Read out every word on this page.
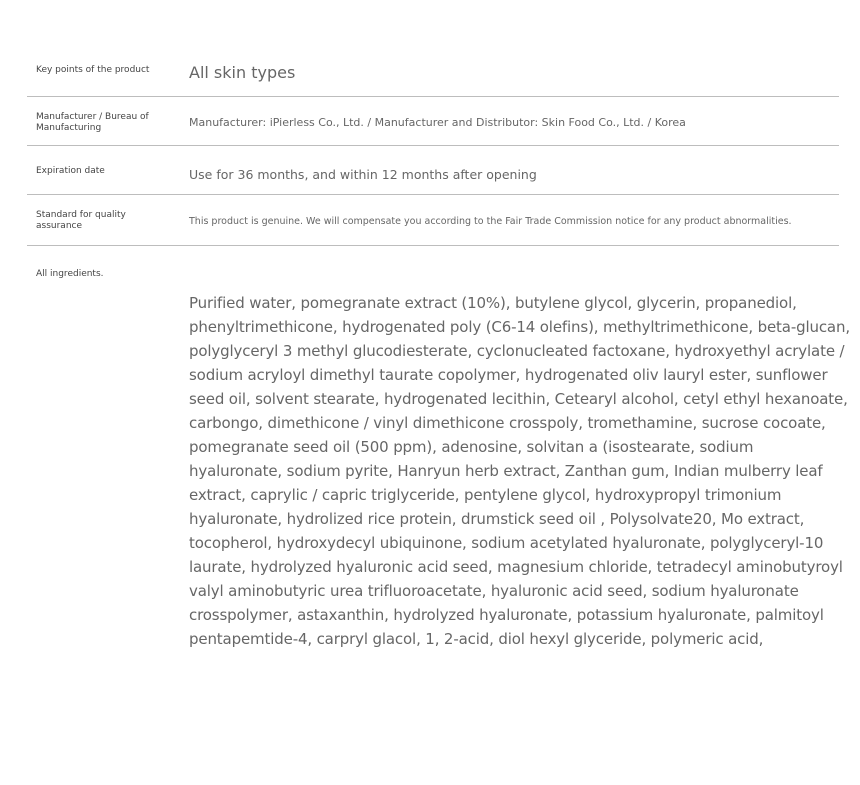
Key points of the product	All skin types
Manufacturer / Bureau of Manufacturing	Manufacturer: iPierless Co., Ltd. / Manufacturer and Distributor: Skin Food Co., Ltd. / Korea
Expiration date	Use for 36 months, and within 12 months after opening
Standard for quality assurance	This product is genuine. We will compensate you according to the Fair Trade Commission notice for any product abnormalities.
All ingredients.
Purified water, pomegranate extract (10%), butylene glycol, glycerin, propanediol, phenyltrimethicone, hydrogenated poly (C6-14 olefins), methyltrimethicone, beta-glucan, polyglyceryl 3 methyl glucodiesterate, cyclonucleated factoxane, hydroxyethyl acrylate / sodium acryloyl dimethyl taurate copolymer, hydrogenated oliv lauryl ester, sunflower seed oil, solvent stearate, hydrogenated lecithin, Cetearyl alcohol, cetyl ethyl hexanoate, carbongo, dimethicone / vinyl dimethicone crosspoly, tromethamine, sucrose cocoate, pomegranate seed oil (500 ppm), adenosine, solvitan a (isostearate, sodium hyaluronate, sodium pyrite, Hanryun herb extract, Zanthan gum, Indian mulberry leaf extract, caprylic / capric triglyceride, pentylene glycol, hydroxypropyl trimonium hyaluronate, hydrolized rice protein, drumstick seed oil , Polysolvate20, Mo extract, tocopherol, hydroxydecyl ubiquinone, sodium acetylated hyaluronate, polyglyceryl-10 laurate, hydrolyzed hyaluronic acid seed, magnesium chloride, tetradecyl aminobutyroyl valyl aminobutyric urea trifluoroacetate, hyaluronic acid seed, sodium hyaluronate crosspolymer, astaxanthin, hydrolyzed hyaluronate, potassium hyaluronate, palmitoyl pentapemtide-4, carpryl glacol, 1, 2-acid, diol hexyl glyceride, polymeric acid,
